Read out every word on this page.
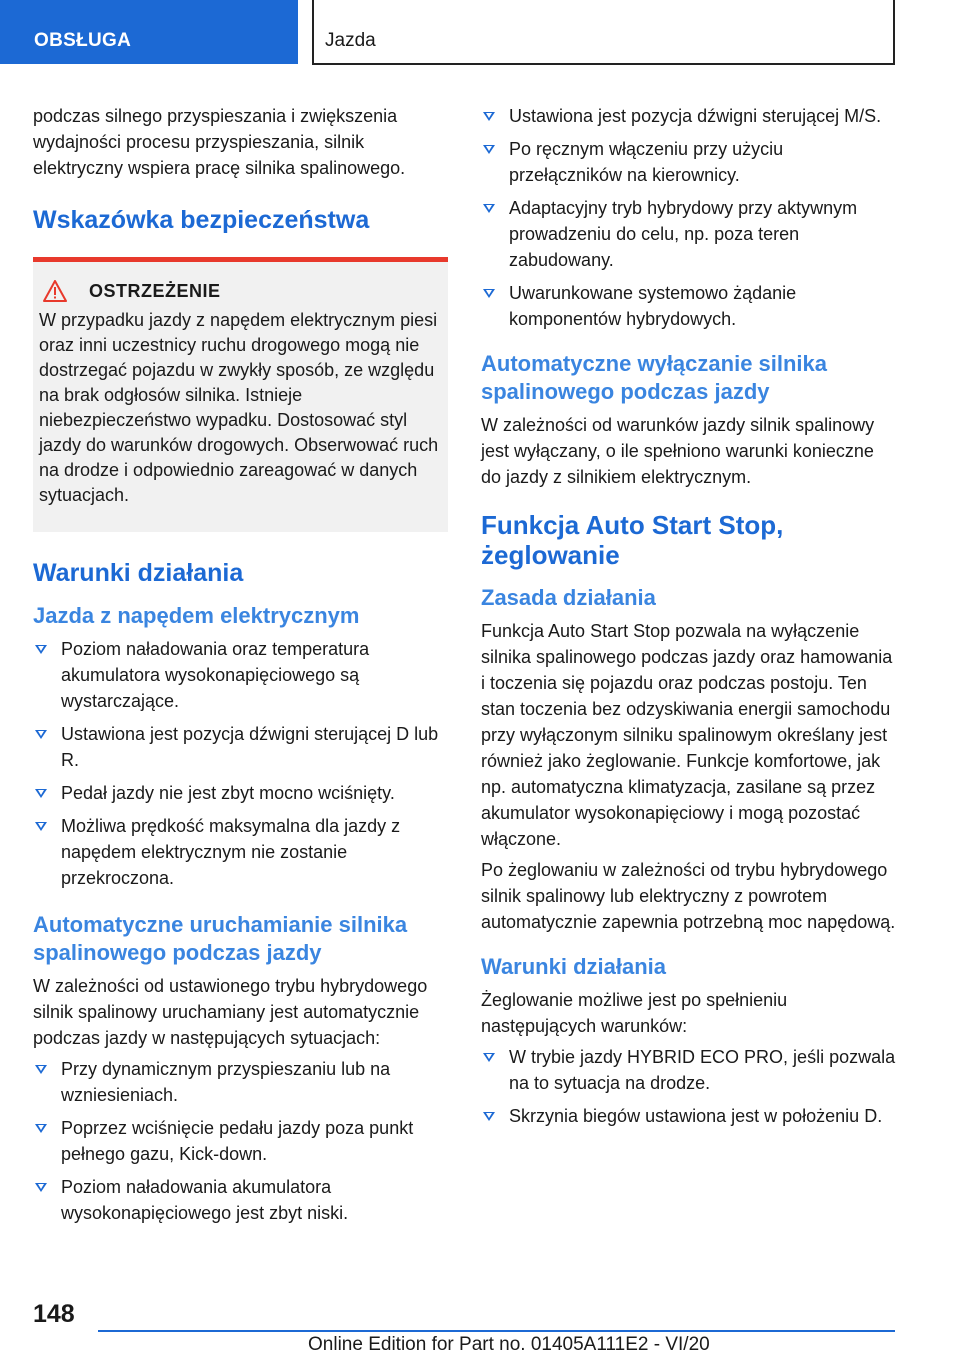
OBSŁUGA	Jazda

podczas silnego przyspieszania i zwiększenia wydajności procesu przyspieszania, silnik elektryczny wspiera pracę silnika spalinowego.

Wskazówka bezpieczeństwa
OSTRZEŻENIE

W przypadku jazdy z napędem elektrycznym piesi oraz inni uczestnicy ruchu drogowego mogą nie dostrzegać pojazdu w zwykły sposób, ze względu na brak odgłosów silnika. Istnieje niebezpieczeństwo wypadku. Dostosować styl jazdy do warunków drogowych. Obserwować ruch na drodze i odpowiednio zareagować w danych sytuacjach.

Warunki działania
Jazda z napędem elektrycznym
Poziom naładowania oraz temperatura akumulatora wysokonapięciowego są wystarczające.
Ustawiona jest pozycja dźwigni sterującej D lub R.
Pedał jazdy nie jest zbyt mocno wciśnięty.
Możliwa prędkość maksymalna dla jazdy z napędem elektrycznym nie zostanie przekroczona.
Automatyczne uruchamianie silnika spalinowego podczas jazdy

W zależności od ustawionego trybu hybrydowego silnik spalinowy uruchamiany jest automatycznie podczas jazdy w następujących sytuacjach:

Przy dynamicznym przyspieszaniu lub na wzniesieniach.
Poprzez wciśnięcie pedału jazdy poza punkt pełnego gazu, Kick-down.
Poziom naładowania akumulatora wysokonapięciowego jest zbyt niski.
Ustawiona jest pozycja dźwigni sterującej M/S.
Po ręcznym włączeniu przy użyciu przełączników na kierownicy.
Adaptacyjny tryb hybrydowy przy aktywnym prowadzeniu do celu, np. poza teren zabudowany.
Uwarunkowane systemowo żądanie komponentów hybrydowych.
Automatyczne wyłączanie silnika spalinowego podczas jazdy

W zależności od warunków jazdy silnik spalinowy jest wyłączany, o ile spełniono warunki konieczne do jazdy z silnikiem elektrycznym.

Funkcja Auto Start Stop, żeglowanie
Zasada działania

Funkcja Auto Start Stop pozwala na wyłączenie silnika spalinowego podczas jazdy oraz hamowania i toczenia się pojazdu oraz podczas postoju. Ten stan toczenia bez odzyskiwania energii samochodu przy wyłączonym silniku spalinowym określany jest również jako żeglowanie. Funkcje komfortowe, jak np. automatyczna klimatyzacja, zasilane są przez akumulator wysokonapięciowy i mogą pozostać włączone.

Po żeglowaniu w zależności od trybu hybrydowego silnik spalinowy lub elektryczny z powrotem automatycznie zapewnia potrzebną moc napędową.

Warunki działania

Żeglowanie możliwe jest po spełnieniu następujących warunków:

W trybie jazdy HYBRID ECO PRO, jeśli pozwala na to sytuacja na drodze.
Skrzynia biegów ustawiona jest w położeniu D.
148
Online Edition for Part no. 01405A111E2 - VI/20
